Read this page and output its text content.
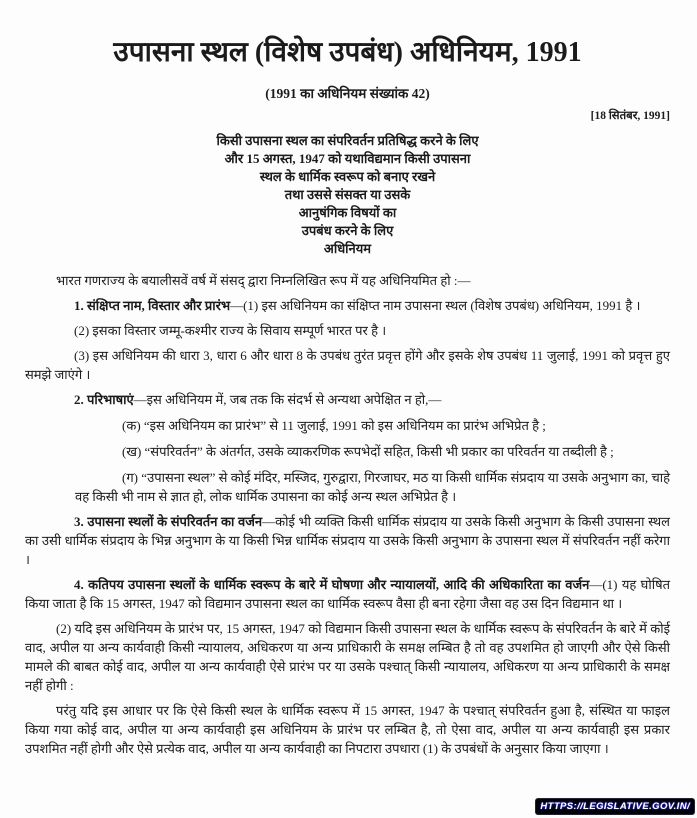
उपासना स्थल (विशेष उपबंध) अधिनियम, 1991
(1991 का अधिनियम संख्यांक 42)
[18 सितंबर, 1991]
किसी उपासना स्थल का संपरिवर्तन प्रतिषिद्ध करने के लिए
और 15 अगस्त, 1947 को यथाविद्यमान किसी उपासना
स्थल के धार्मिक स्वरूप को बनाए रखने
तथा उससे संसक्त या उसके
आनुषंगिक विषयों का
उपबंध करने के लिए
अधिनियम

भारत गणराज्य के बयालीसवें वर्ष में संसद् द्वारा निम्नलिखित रूप में यह अधिनियमित हो :—

1. संक्षिप्त नाम, विस्तार और प्रारंभ—(1) इस अधिनियम का संक्षिप्त नाम उपासना स्थल (विशेष उपबंध) अधिनियम, 1991 है ।

(2) इसका विस्तार जम्मू-कश्मीर राज्य के सिवाय सम्पूर्ण भारत पर है ।

(3) इस अधिनियम की धारा 3, धारा 6 और धारा 8 के उपबंध तुरंत प्रवृत्त होंगे और इसके शेष उपबंध 11 जुलाई, 1991 को प्रवृत्त हुए समझे जाएंगे ।

2. परिभाषाएं—इस अधिनियम में, जब तक कि संदर्भ से अन्यथा अपेक्षित न हो,—

(क) “इस अधिनियम का प्रारंभ” से 11 जुलाई, 1991 को इस अधिनियम का प्रारंभ अभिप्रेत है ;

(ख) “संपरिवर्तन” के अंतर्गत, उसके व्याकरणिक रूपभेदों सहित, किसी भी प्रकार का परिवर्तन या तब्दीली है ;

(ग) “उपासना स्थल” से कोई मंदिर, मस्जिद, गुरुद्वारा, गिरजाघर, मठ या किसी धार्मिक संप्रदाय या उसके अनुभाग का, चाहे वह किसी भी नाम से ज्ञात हो, लोक धार्मिक उपासना का कोई अन्य स्थल अभिप्रेत है ।

3. उपासना स्थलों के संपरिवर्तन का वर्जन—कोई भी व्यक्ति किसी धार्मिक संप्रदाय या उसके किसी अनुभाग के किसी उपासना स्थल का उसी धार्मिक संप्रदाय के भिन्न अनुभाग के या किसी भिन्न धार्मिक संप्रदाय या उसके किसी अनुभाग के उपासना स्थल में संपरिवर्तन नहीं करेगा ।

4. कतिपय उपासना स्थलों के धार्मिक स्वरूप के बारे में घोषणा और न्यायालयों, आदि की अधिकारिता का वर्जन—(1) यह घोषित किया जाता है कि 15 अगस्त, 1947 को विद्यमान उपासना स्थल का धार्मिक स्वरूप वैसा ही बना रहेगा जैसा वह उस दिन विद्यमान था ।

(2) यदि इस अधिनियम के प्रारंभ पर, 15 अगस्त, 1947 को विद्यमान किसी उपासना स्थल के धार्मिक स्वरूप के संपरिवर्तन के बारे में कोई वाद, अपील या अन्य कार्यवाही किसी न्यायालय, अधिकरण या अन्य प्राधिकारी के समक्ष लम्बित है तो वह उपशमित हो जाएगी और ऐसे किसी मामले की बाबत कोई वाद, अपील या अन्य कार्यवाही ऐसे प्रारंभ पर या उसके पश्चात् किसी न्यायालय, अधिकरण या अन्य प्राधिकारी के समक्ष नहीं होगी :

परंतु यदि इस आधार पर कि ऐसे किसी स्थल के धार्मिक स्वरूप में 15 अगस्त, 1947 के पश्चात् संपरिवर्तन हुआ है, संस्थित या फाइल किया गया कोई वाद, अपील या अन्य कार्यवाही इस अधिनियम के प्रारंभ पर लम्बित है, तो ऐसा वाद, अपील या अन्य कार्यवाही इस प्रकार उपशमित नहीं होगी और ऐसे प्रत्येक वाद, अपील या अन्य कार्यवाही का निपटारा उपधारा (1) के उपबंधों के अनुसार किया जाएगा ।

HTTPS://LEGISLATIVE.GOV.IN/
